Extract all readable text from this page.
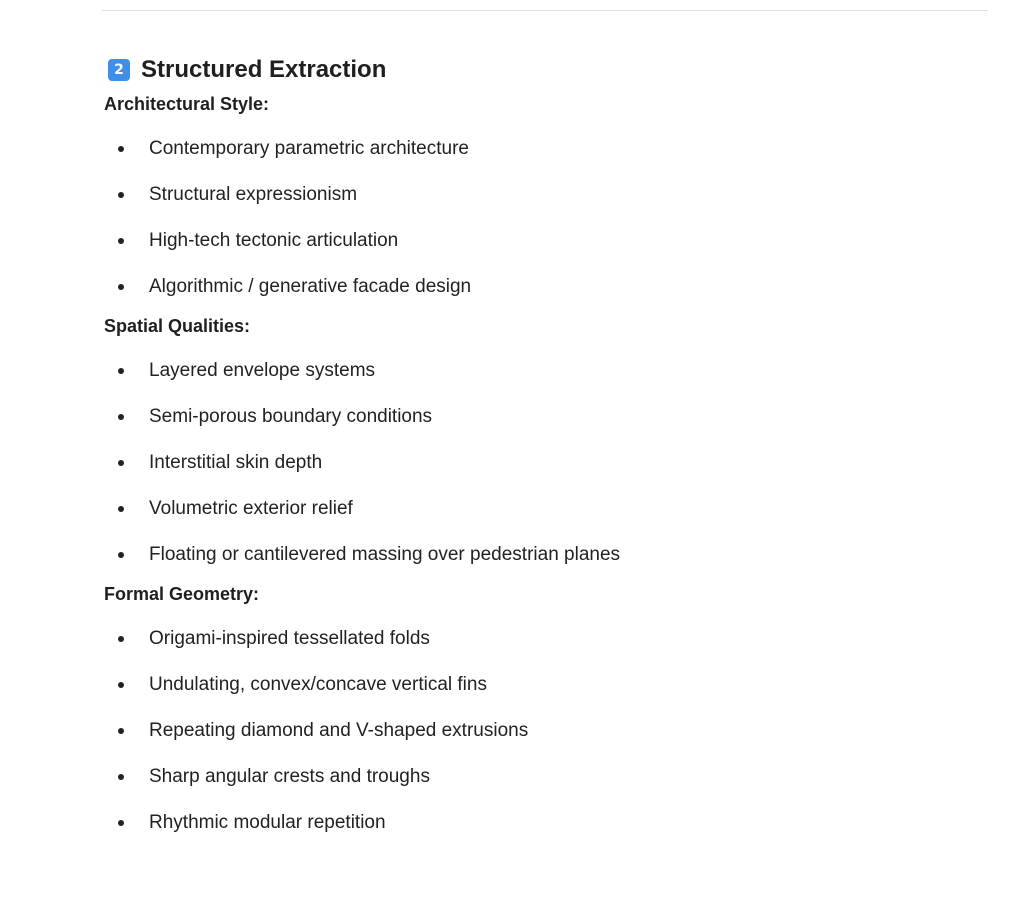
2 Structured Extraction
Architectural Style:
Contemporary parametric architecture
Structural expressionism
High-tech tectonic articulation
Algorithmic / generative facade design
Spatial Qualities:
Layered envelope systems
Semi-porous boundary conditions
Interstitial skin depth
Volumetric exterior relief
Floating or cantilevered massing over pedestrian planes
Formal Geometry:
Origami-inspired tessellated folds
Undulating, convex/concave vertical fins
Repeating diamond and V-shaped extrusions
Sharp angular crests and troughs
Rhythmic modular repetition
